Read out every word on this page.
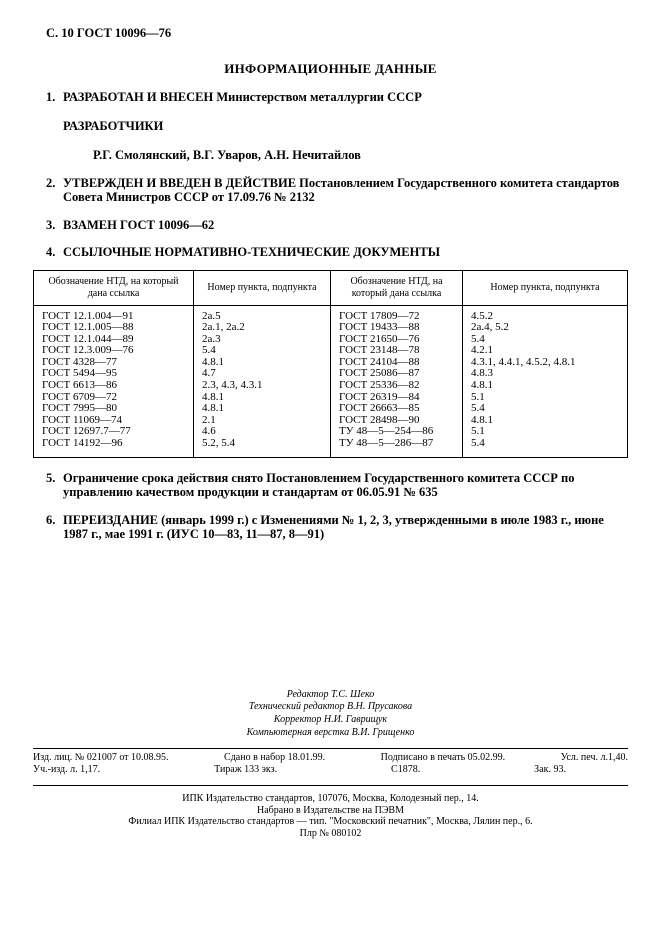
С. 10 ГОСТ 10096—76
ИНФОРМАЦИОННЫЕ ДАННЫЕ
1. РАЗРАБОТАН И ВНЕСЕН Министерством металлургии СССР
РАЗРАБОТЧИКИ
Р.Г. Смолянский, В.Г. Уваров, А.Н. Нечитайлов
2. УТВЕРЖДЕН И ВВЕДЕН В ДЕЙСТВИЕ Постановлением Государственного комитета стандартов Совета Министров СССР от 17.09.76 № 2132
3. ВЗАМЕН ГОСТ 10096—62
4. ССЫЛОЧНЫЕ НОРМАТИВНО-ТЕХНИЧЕСКИЕ ДОКУМЕНТЫ
Обозначение НТД, на который дана ссылка	Номер пункта, подпункта	Обозначение НТД, на который дана ссылка	Номер пункта, подпункта
ГОСТ 12.1.004—91	2а.5	ГОСТ 17809—72	4.5.2
ГОСТ 12.1.005—88	2а.1, 2а.2	ГОСТ 19433—88	2а.4, 5.2
ГОСТ 12.1.044—89	2а.3	ГОСТ 21650—76	5.4
ГОСТ 12.3.009—76	5.4	ГОСТ 23148—78	4.2.1
ГОСТ 4328—77	4.8.1	ГОСТ 24104—88	4.3.1, 4.4.1, 4.5.2, 4.8.1
ГОСТ 5494—95	4.7	ГОСТ 25086—87	4.8.3
ГОСТ 6613—86	2.3, 4.3, 4.3.1	ГОСТ 25336—82	4.8.1
ГОСТ 6709—72	4.8.1	ГОСТ 26319—84	5.1
ГОСТ 7995—80	4.8.1	ГОСТ 26663—85	5.4
ГОСТ 11069—74	2.1	ГОСТ 28498—90	4.8.1
ГОСТ 12697.7—77	4.6	ТУ 48—5—254—86	5.1
ГОСТ 14192—96	5.2, 5.4	ТУ 48—5—286—87	5.4
5. Ограничение срока действия снято Постановлением Государственного комитета СССР по управлению качеством продукции и стандартам от 06.05.91 № 635
6. ПЕРЕИЗДАНИЕ (январь 1999 г.) с Изменениями № 1, 2, 3, утвержденными в июле 1983 г., июне 1987 г., мае 1991 г. (ИУС 10—83, 11—87, 8—91)
Редактор Т.С. Шеко
Технический редактор В.Н. Прусакова
Корректор Н.И. Гаврищук
Компьютерная верстка В.И. Грищенко
Изд. лиц. № 021007 от 10.08.95.	Сдано в набор 18.01.99.	Подписано в печать 05.02.99.	Усл. печ. л.1,40.
Уч.-изд. л. 1,17.	Тираж 133 экз.	С1878.	Зак. 93.
ИПК Издательство стандартов, 107076, Москва, Колодезный пер., 14.
Набрано в Издательстве на ПЭВМ
Филиал ИПК Издательство стандартов — тип. "Московский печатник", Москва, Лялин пер., 6.
Плр № 080102
